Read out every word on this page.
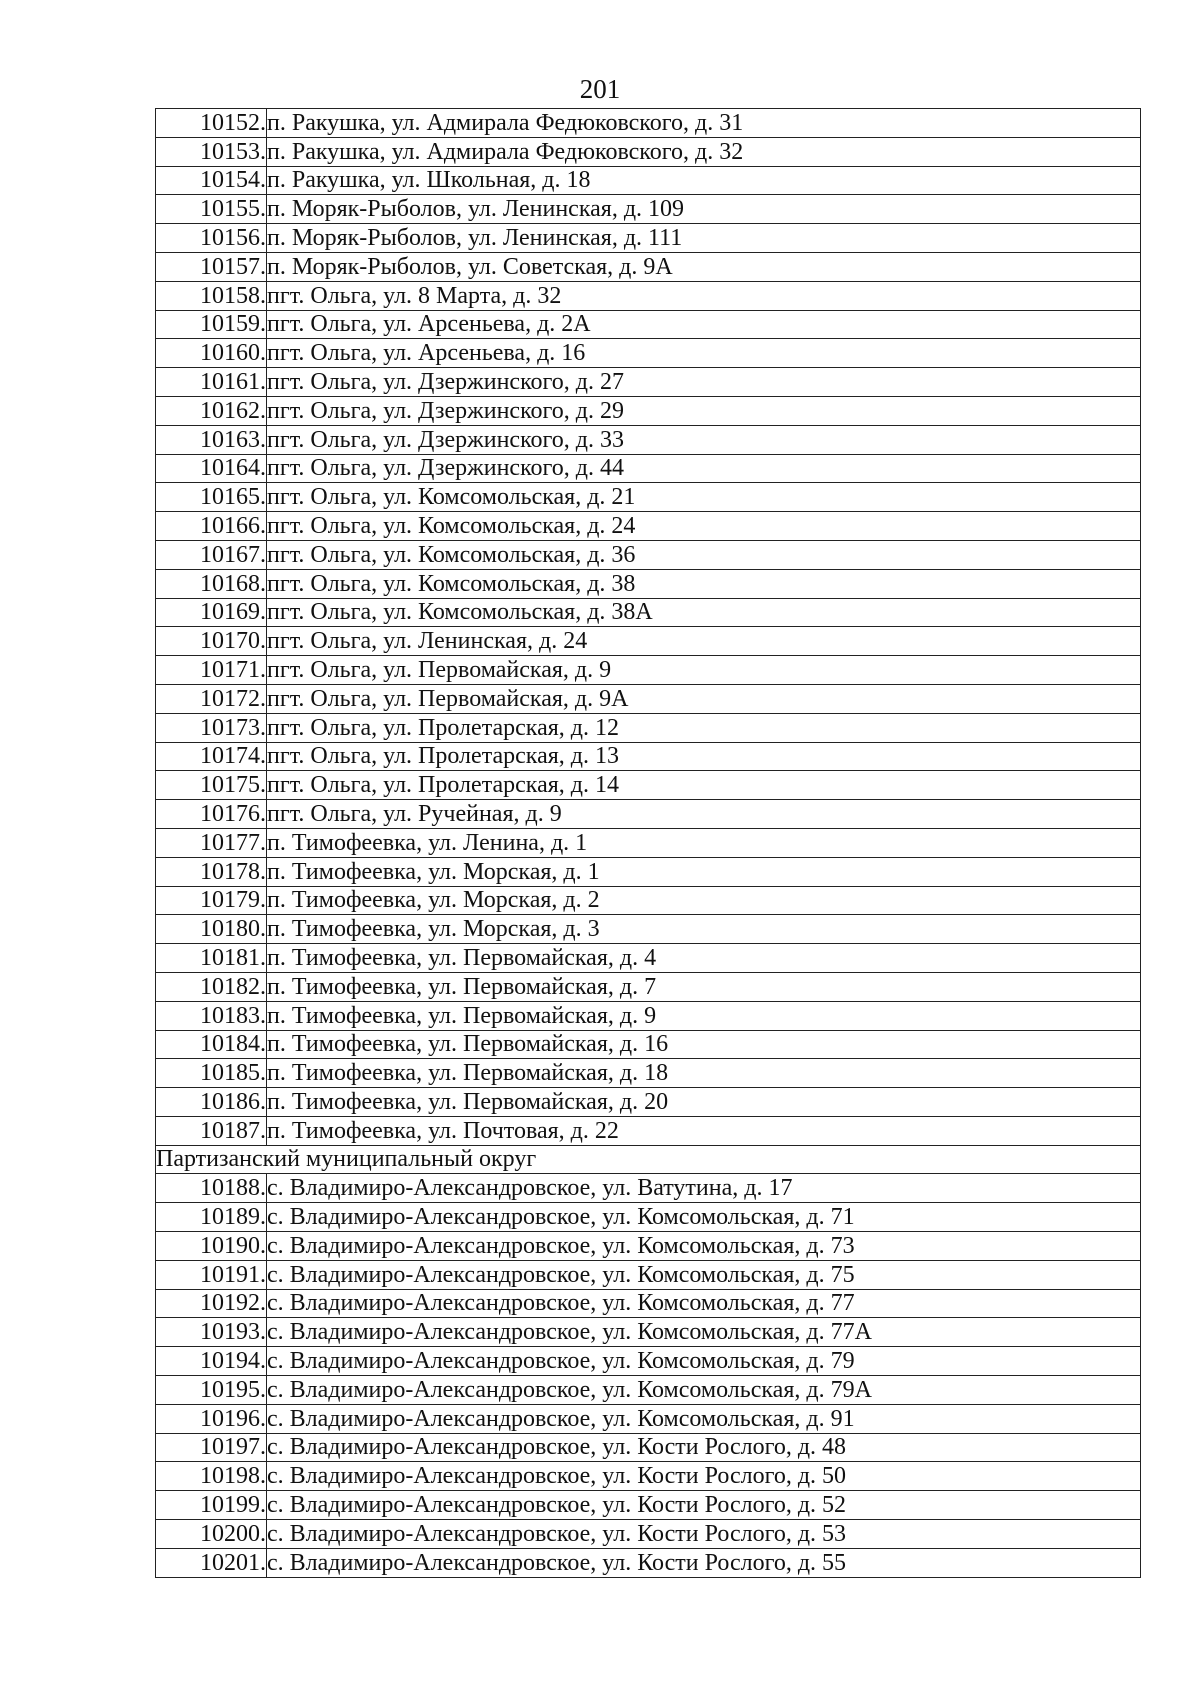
201
10152.	п. Ракушка, ул. Адмирала Федюковского, д. 31
10153.	п. Ракушка, ул. Адмирала Федюковского, д. 32
10154.	п. Ракушка, ул. Школьная, д. 18
10155.	п. Моряк-Рыболов, ул. Ленинская, д. 109
10156.	п. Моряк-Рыболов, ул. Ленинская, д. 111
10157.	п. Моряк-Рыболов, ул. Советская, д. 9А
10158.	пгт. Ольга, ул. 8 Марта, д. 32
10159.	пгт. Ольга, ул. Арсеньева, д. 2А
10160.	пгт. Ольга, ул. Арсеньева, д. 16
10161.	пгт. Ольга, ул. Дзержинского, д. 27
10162.	пгт. Ольга, ул. Дзержинского, д. 29
10163.	пгт. Ольга, ул. Дзержинского, д. 33
10164.	пгт. Ольга, ул. Дзержинского, д. 44
10165.	пгт. Ольга, ул. Комсомольская, д. 21
10166.	пгт. Ольга, ул. Комсомольская, д. 24
10167.	пгт. Ольга, ул. Комсомольская, д. 36
10168.	пгт. Ольга, ул. Комсомольская, д. 38
10169.	пгт. Ольга, ул. Комсомольская, д. 38А
10170.	пгт. Ольга, ул. Ленинская, д. 24
10171.	пгт. Ольга, ул. Первомайская, д. 9
10172.	пгт. Ольга, ул. Первомайская, д. 9А
10173.	пгт. Ольга, ул. Пролетарская, д. 12
10174.	пгт. Ольга, ул. Пролетарская, д. 13
10175.	пгт. Ольга, ул. Пролетарская, д. 14
10176.	пгт. Ольга, ул. Ручейная, д. 9
10177.	п. Тимофеевка, ул. Ленина, д. 1
10178.	п. Тимофеевка, ул. Морская, д. 1
10179.	п. Тимофеевка, ул. Морская, д. 2
10180.	п. Тимофеевка, ул. Морская, д. 3
10181.	п. Тимофеевка, ул. Первомайская, д. 4
10182.	п. Тимофеевка, ул. Первомайская, д. 7
10183.	п. Тимофеевка, ул. Первомайская, д. 9
10184.	п. Тимофеевка, ул. Первомайская, д. 16
10185.	п. Тимофеевка, ул. Первомайская, д. 18
10186.	п. Тимофеевка, ул. Первомайская, д. 20
10187.	п. Тимофеевка, ул. Почтовая, д. 22
Партизанский муниципальный округ	
10188.	с. Владимиро-Александровское, ул. Ватутина, д. 17
10189.	с. Владимиро-Александровское, ул. Комсомольская, д. 71
10190.	с. Владимиро-Александровское, ул. Комсомольская, д. 73
10191.	с. Владимиро-Александровское, ул. Комсомольская, д. 75
10192.	с. Владимиро-Александровское, ул. Комсомольская, д. 77
10193.	с. Владимиро-Александровское, ул. Комсомольская, д. 77А
10194.	с. Владимиро-Александровское, ул. Комсомольская, д. 79
10195.	с. Владимиро-Александровское, ул. Комсомольская, д. 79А
10196.	с. Владимиро-Александровское, ул. Комсомольская, д. 91
10197.	с. Владимиро-Александровское, ул. Кости Рослого, д. 48
10198.	с. Владимиро-Александровское, ул. Кости Рослого, д. 50
10199.	с. Владимиро-Александровское, ул. Кости Рослого, д. 52
10200.	с. Владимиро-Александровское, ул. Кости Рослого, д. 53
10201.	с. Владимиро-Александровское, ул. Кости Рослого, д. 55
